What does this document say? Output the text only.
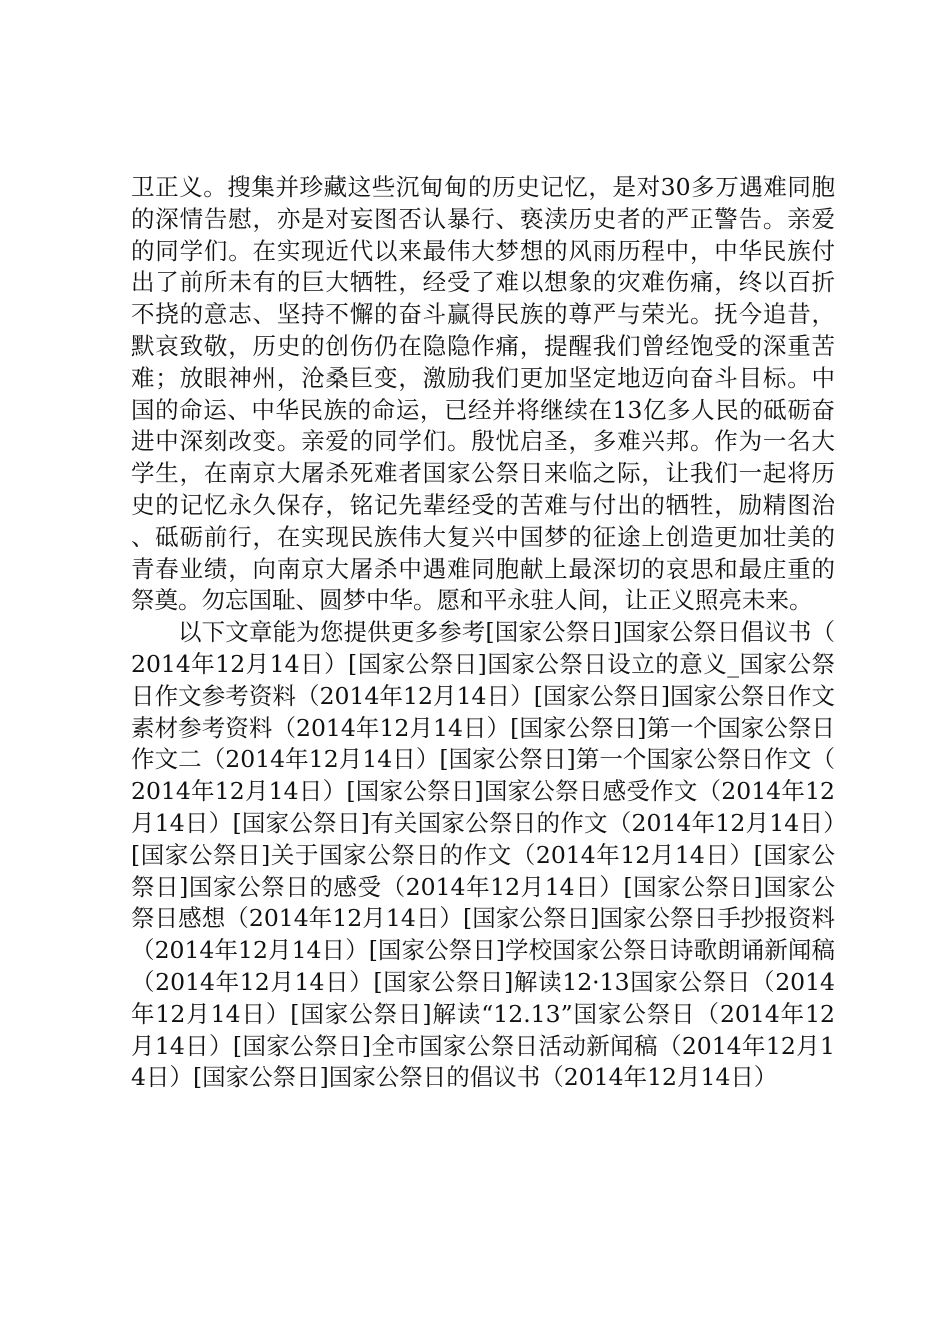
卫正义。搜集并珍藏这些沉甸甸的历史记忆，是对30多万遇难同胞的深情告慰，亦是对妄图否认暴行、亵渎历史者的严正警告。亲爱的同学们。在实现近代以来最伟大梦想的风雨历程中，中华民族付出了前所未有的巨大牺牲，经受了难以想象的灾难伤痛，终以百折不挠的意志、坚持不懈的奋斗赢得民族的尊严与荣光。抚今追昔，默哀致敬，历史的创伤仍在隐隐作痛，提醒我们曾经饱受的深重苦难；放眼神州，沧桑巨变，激励我们更加坚定地迈向奋斗目标。中国的命运、中华民族的命运，已经并将继续在13亿多人民的砥砺奋进中深刻改变。亲爱的同学们。殷忧启圣，多难兴邦。作为一名大学生，在南京大屠杀死难者国家公祭日来临之际，让我们一起将历史的记忆永久保存，铭记先辈经受的苦难与付出的牺牲，励精图治、砥砺前行，在实现民族伟大复兴中国梦的征途上创造更加壮美的青春业绩，向南京大屠杀中遇难同胞献上最深切的哀思和最庄重的祭奠。勿忘国耻、圆梦中华。愿和平永驻人间，让正义照亮未来。

以下文章能为您提供更多参考[国家公祭日]国家公祭日倡议书（2014年12月14日）[国家公祭日]国家公祭日设立的意义_国家公祭日作文参考资料（2014年12月14日）[国家公祭日]国家公祭日作文素材参考资料（2014年12月14日）[国家公祭日]第一个国家公祭日作文二（2014年12月14日）[国家公祭日]第一个国家公祭日作文（2014年12月14日）[国家公祭日]国家公祭日感受作文（2014年12月14日）[国家公祭日]有关国家公祭日的作文（2014年12月14日）[国家公祭日]关于国家公祭日的作文（2014年12月14日）[国家公祭日]国家公祭日的感受（2014年12月14日）[国家公祭日]国家公祭日感想（2014年12月14日）[国家公祭日]国家公祭日手抄报资料（2014年12月14日）[国家公祭日]学校国家公祭日诗歌朗诵新闻稿（2014年12月14日）[国家公祭日]解读12·13国家公祭日（2014年12月14日）[国家公祭日]解读“12.13”国家公祭日（2014年12月14日）[国家公祭日]全市国家公祭日活动新闻稿（2014年12月14日）[国家公祭日]国家公祭日的倡议书（2014年12月14日）
